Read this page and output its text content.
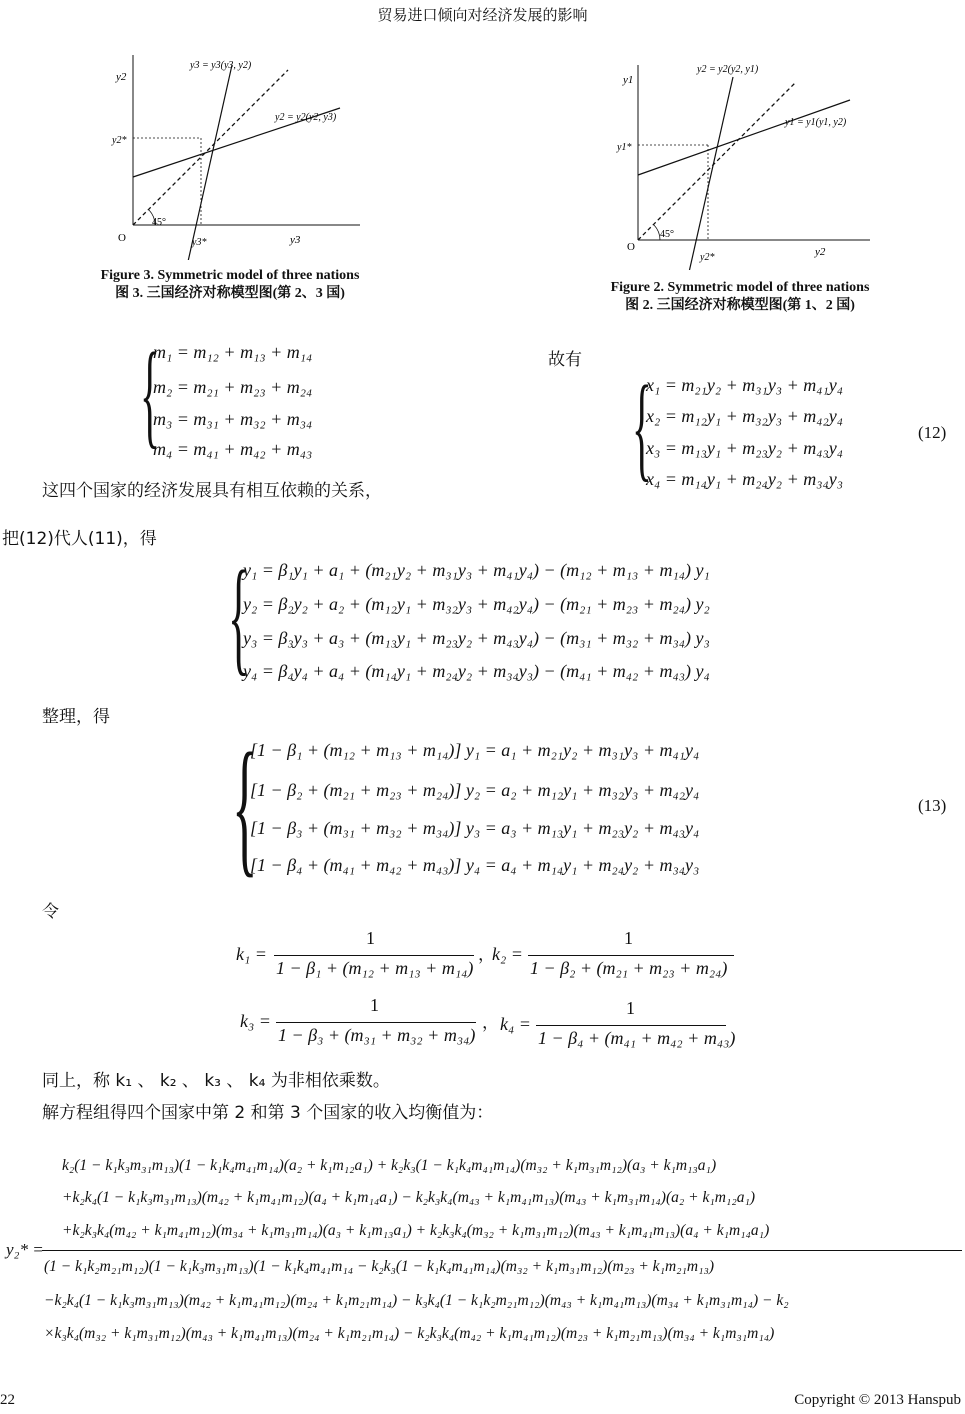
贸易进口倾向对经济发展的影响
y2
y3
O
45°
y3 = y3(y3, y2)
y2 = y2(y2, y3)
y2*
y3*
Figure 3. Symmetric model of three nations
图 3. 三国经济对称模型图(第 2、3 国)
y1
y2
O
45°
y2 = y2(y2, y1)
y1 = y1(y1, y2)
y1*
y2*
Figure 2. Symmetric model of three nations
图 2. 三国经济对称模型图(第 1、2 国)
{
m₁ = m₁₂ + m₁₃ + m₁₄
m₂ = m₂₁ + m₂₃ + m₂₄
m₃ = m₃₁ + m₃₂ + m₃₄
m₄ = m₄₁ + m₄₂ + m₄₃
故有
{
x₁ = m₂₁y₂ + m₃₁y₃ + m₄₁y₄
x₂ = m₁₂y₁ + m₃₂y₃ + m₄₂y₄
x₃ = m₁₃y₁ + m₂₃y₂ + m₄₃y₄
x₄ = m₁₄y₁ + m₂₄y₂ + m₃₄y₃
(12)
这四个国家的经济发展具有相互依赖的关系，
把(12)代人(11)，得
{
y₁ = β₁y₁ + a₁ + (m₂₁y₂ + m₃₁y₃ + m₄₁y₄) − (m₁₂ + m₁₃ + m₁₄) y₁
y₂ = β₂y₂ + a₂ + (m₁₂y₁ + m₃₂y₃ + m₄₂y₄) − (m₂₁ + m₂₃ + m₂₄) y₂
y₃ = β₃y₃ + a₃ + (m₁₃y₁ + m₂₃y₂ + m₄₃y₄) − (m₃₁ + m₃₂ + m₃₄) y₃
y₄ = β₄y₄ + a₄ + (m₁₄y₁ + m₂₄y₂ + m₃₄y₃) − (m₄₁ + m₄₂ + m₄₃) y₄
整理，得
{
[1 − β₁ + (m₁₂ + m₁₃ + m₁₄)] y₁ = a₁ + m₂₁y₂ + m₃₁y₃ + m₄₁y₄
[1 − β₂ + (m₂₁ + m₂₃ + m₂₄)] y₂ = a₂ + m₁₂y₁ + m₃₂y₃ + m₄₂y₄
[1 − β₃ + (m₃₁ + m₃₂ + m₃₄)] y₃ = a₃ + m₁₃y₁ + m₂₃y₂ + m₄₃y₄
[1 − β₄ + (m₄₁ + m₄₂ + m₄₃)] y₄ = a₄ + m₁₄y₁ + m₂₄y₂ + m₃₄y₃
(13)
令
k₁ =
1
1 − β₁ + (m₁₂ + m₁₃ + m₁₄)
，
k₂ =
1
1 − β₂ + (m₂₁ + m₂₃ + m₂₄)
k₃ =
1
1 − β₃ + (m₃₁ + m₃₂ + m₃₄)
， k₄ =
1
1 − β₄ + (m₄₁ + m₄₂ + m₄₃)
同上，称 k₁ 、 k₂ 、 k₃ 、 k₄ 为非相依乘数。
解方程组得四个国家中第 2 和第 3 个国家的收入均衡值为：
y₂* =
k₂(1 − k₁k₃m₃₁m₁₃)(1 − k₁k₄m₄₁m₁₄)(a₂ + k₁m₁₂a₁) + k₂k₃(1 − k₁k₄m₄₁m₁₄)(m₃₂ + k₁m₃₁m₁₂)(a₃ + k₁m₁₃a₁)
+k₂k₄(1 − k₁k₃m₃₁m₁₃)(m₄₂ + k₁m₄₁m₁₂)(a₄ + k₁m₁₄a₁) − k₂k₃k₄(m₄₃ + k₁m₄₁m₁₃)(m₄₃ + k₁m₃₁m₁₄)(a₂ + k₁m₁₂a₁)
+k₂k₃k₄(m₄₂ + k₁m₄₁m₁₂)(m₃₄ + k₁m₃₁m₁₄)(a₃ + k₁m₁₃a₁) + k₂k₃k₄(m₃₂ + k₁m₃₁m₁₂)(m₄₃ + k₁m₄₁m₁₃)(a₄ + k₁m₁₄a₁)
(1 − k₁k₂m₂₁m₁₂)(1 − k₁k₃m₃₁m₁₃)(1 − k₁k₄m₄₁m₁₄ − k₂k₃(1 − k₁k₄m₄₁m₁₄)(m₃₂ + k₁m₃₁m₁₂)(m₂₃ + k₁m₂₁m₁₃)
−k₂k₄(1 − k₁k₃m₃₁m₁₃)(m₄₂ + k₁m₄₁m₁₂)(m₂₄ + k₁m₂₁m₁₄) − k₃k₄(1 − k₁k₂m₂₁m₁₂)(m₄₃ + k₁m₄₁m₁₃)(m₃₄ + k₁m₃₁m₁₄) − k₂
×k₃k₄(m₃₂ + k₁m₃₁m₁₂)(m₄₃ + k₁m₄₁m₁₃)(m₂₄ + k₁m₂₁m₁₄) − k₂k₃k₄(m₄₂ + k₁m₄₁m₁₂)(m₂₃ + k₁m₂₁m₁₃)(m₃₄ + k₁m₃₁m₁₄)
22	Copyright © 2013 Hanspub
